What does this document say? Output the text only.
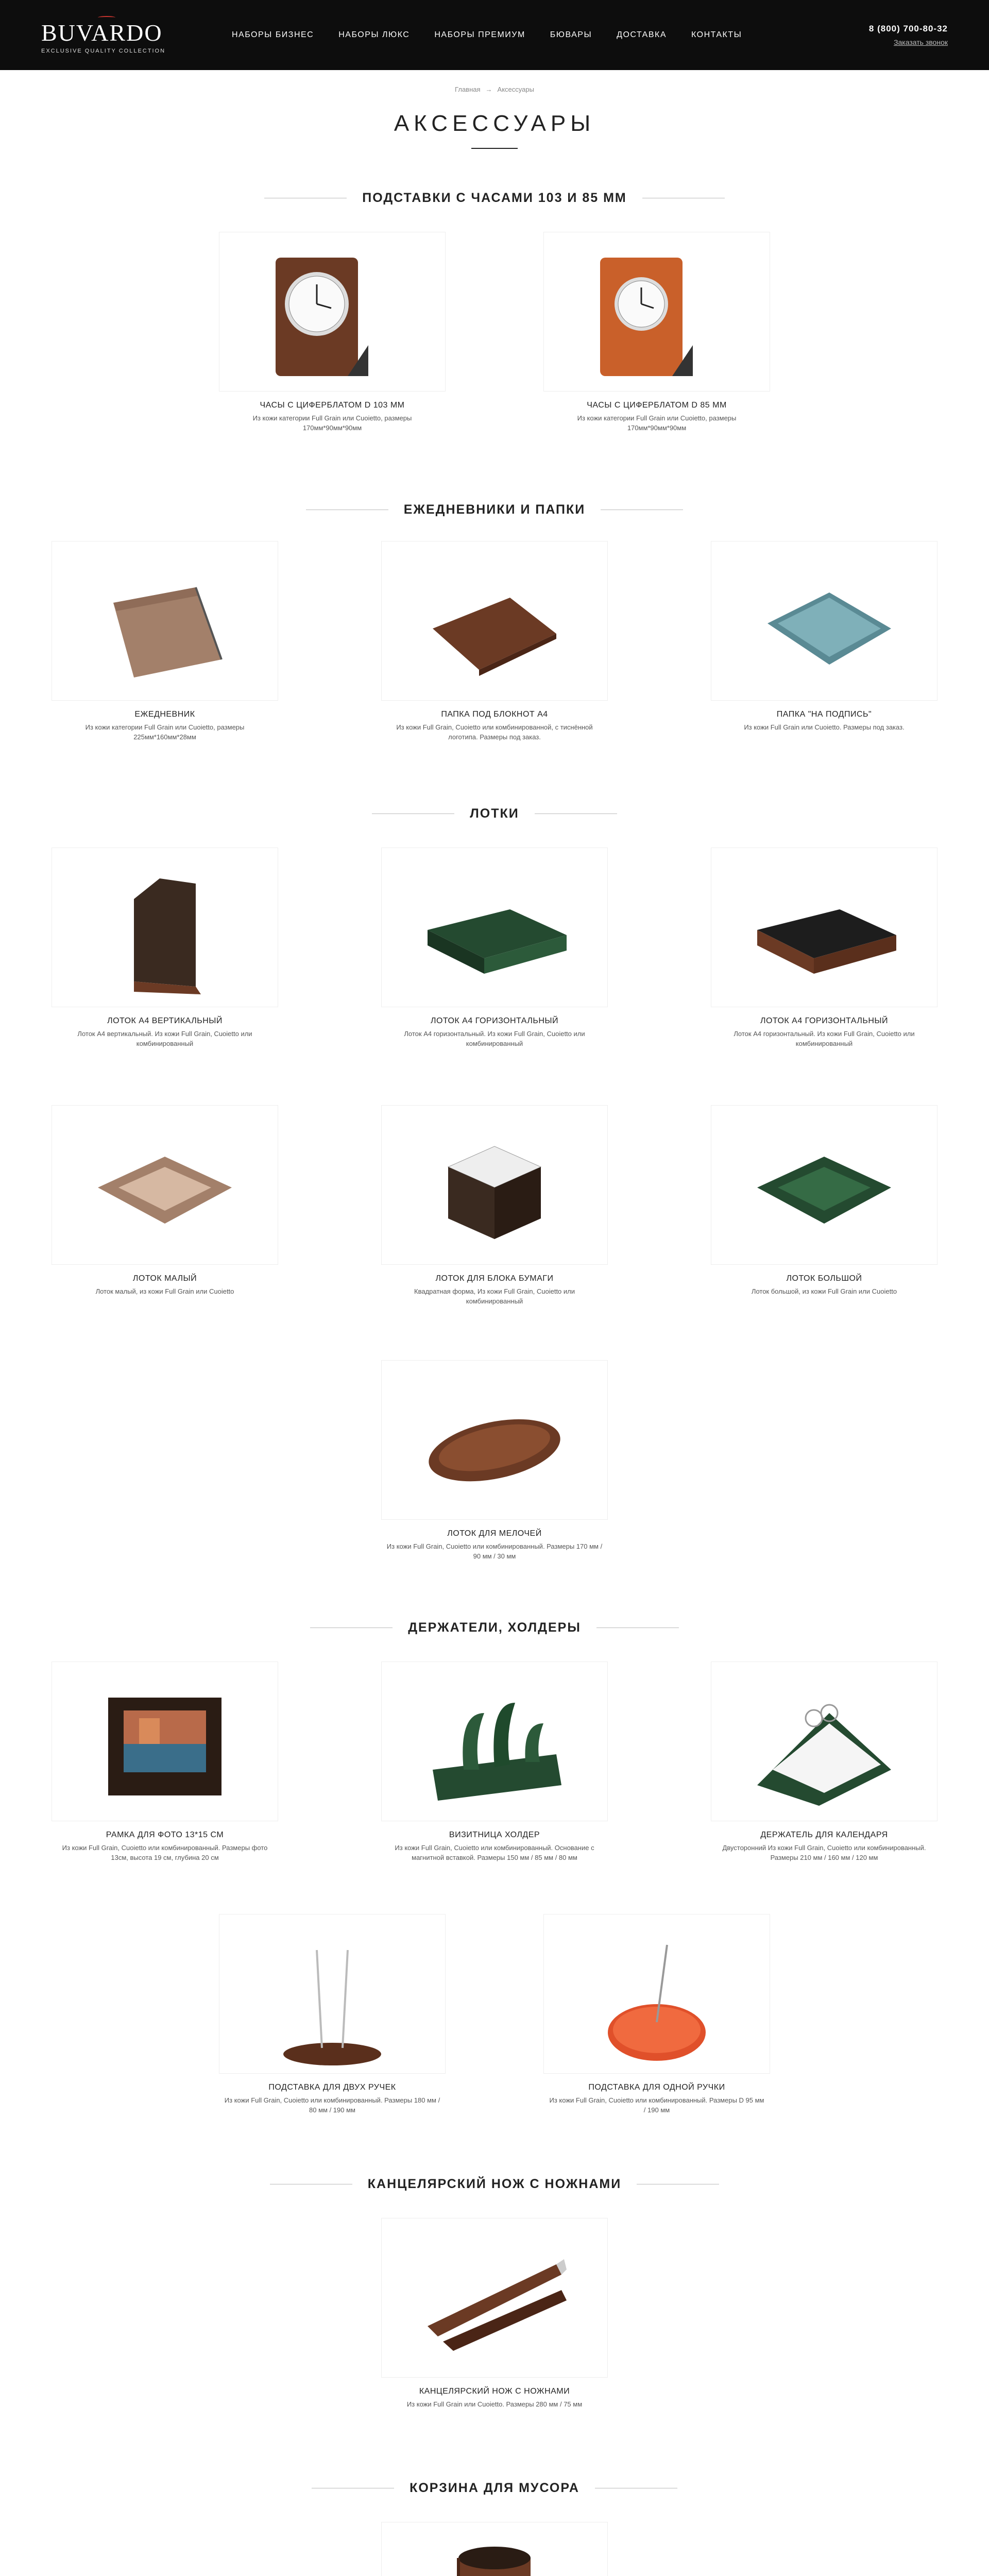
BUVARDO
EXCLUSIVE QUALITY COLLECTION
НАБОРЫ БИЗНЕС	НАБОРЫ ЛЮКС	НАБОРЫ ПРЕМИУМ	БЮВАРЫ	ДОСТАВКА	КОНТАКТЫ
8 (800) 700-80-32
Заказать звонок
Главная → Аксессуары
АКСЕССУАРЫ
ПОДСТАВКИ С ЧАСАМИ 103 И 85 ММ
ЧАСЫ С ЦИФЕРБЛАТОМ D 103 ММ
Из кожи категории Full Grain или Cuoietto, размеры 170мм*90мм*90мм
ЧАСЫ С ЦИФЕРБЛАТОМ D 85 ММ
Из кожи категории Full Grain или Cuoietto, размеры 170мм*90мм*90мм
ЕЖЕДНЕВНИКИ И ПАПКИ
ЕЖЕДНЕВНИК
Из кожи категории Full Grain или Cuoietto, размеры 225мм*160мм*28мм
ПАПКА ПОД БЛОКНОТ А4
Из кожи Full Grain, Cuoietto или комбинированной, с тиснённой логотипа. Размеры под заказ.
ПАПКА "НА ПОДПИСЬ"
Из кожи Full Grain или Cuoietto. Размеры под заказ.
ЛОТКИ
ЛОТОК А4 ВЕРТИКАЛЬНЫЙ
Лоток А4 вертикальный. Из кожи Full Grain, Cuoietto или комбинированный
ЛОТОК А4 ГОРИЗОНТАЛЬНЫЙ
Лоток А4 горизонтальный. Из кожи Full Grain, Cuoietto или комбинированный
ЛОТОК А4 ГОРИЗОНТАЛЬНЫЙ
Лоток А4 горизонтальный. Из кожи Full Grain, Cuoietto или комбинированный
ЛОТОК МАЛЫЙ
Лоток малый, из кожи Full Grain или Cuoietto
ЛОТОК ДЛЯ БЛОКА БУМАГИ
Квадратная форма, Из кожи Full Grain, Cuoietto или комбинированный
ЛОТОК БОЛЬШОЙ
Лоток большой, из кожи Full Grain или Cuoietto
ЛОТОК ДЛЯ МЕЛОЧЕЙ
Из кожи Full Grain, Cuoietto или комбинированный. Размеры 170 мм / 90 мм / 30 мм
ДЕРЖАТЕЛИ, ХОЛДЕРЫ
РАМКА ДЛЯ ФОТО 13*15 СМ
Из кожи Full Grain, Cuoietto или комбинированный. Размеры фото 13см, высота 19 см, глубина 20 см
ВИЗИТНИЦА ХОЛДЕР
Из кожи Full Grain, Cuoietto или комбинированный. Основание с магнитной вставкой. Размеры 150 мм / 85 мм / 80 мм
ДЕРЖАТЕЛЬ ДЛЯ КАЛЕНДАРЯ
Двусторонний Из кожи Full Grain, Cuoietto или комбинированный. Размеры 210 мм / 160 мм / 120 мм
ПОДСТАВКА ДЛЯ ДВУХ РУЧЕК
Из кожи Full Grain, Cuoietto или комбинированный. Размеры 180 мм / 80 мм / 190 мм
ПОДСТАВКА ДЛЯ ОДНОЙ РУЧКИ
Из кожи Full Grain, Cuoietto или комбинированный. Размеры D 95 мм / 190 мм
КАНЦЕЛЯРСКИЙ НОЖ С НОЖНАМИ
КАНЦЕЛЯРСКИЙ НОЖ С НОЖНАМИ
Из кожи Full Grain или Cuoietto. Размеры 280 мм / 75 мм
КОРЗИНА ДЛЯ МУСОРА
